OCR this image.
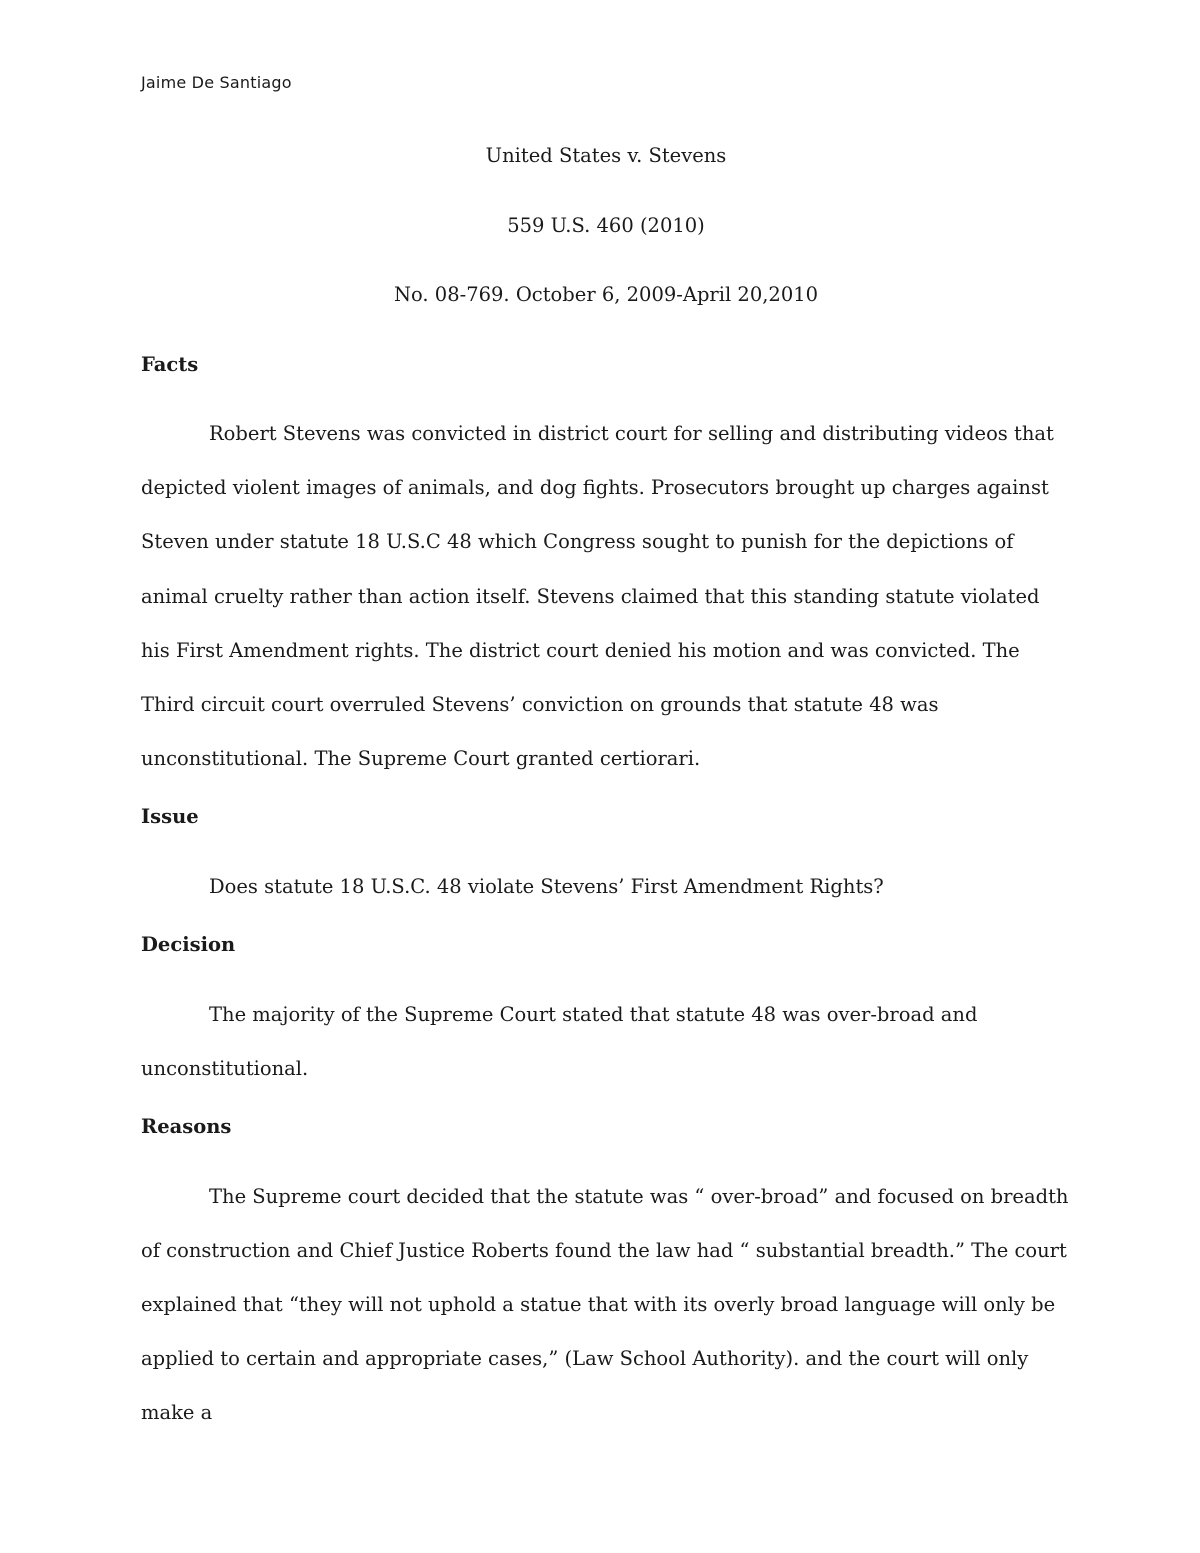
Jaime De Santiago
United States v. Stevens
559 U.S. 460 (2010)
No. 08-769. October 6, 2009-April 20,2010
Facts

Robert Stevens was convicted in district court for selling and distributing videos that depicted violent images of animals, and dog fights. Prosecutors brought up charges against Steven under statute 18 U.S.C 48 which Congress sought to punish for the depictions of animal cruelty rather than action itself. Stevens claimed that this standing statute violated his First Amendment rights. The district court denied his motion and was convicted. The Third circuit court overruled Stevens’ conviction on grounds that statute 48 was unconstitutional. The Supreme Court granted certiorari.

Issue

Does statute 18 U.S.C. 48 violate Stevens’ First Amendment Rights?

Decision

The majority of the Supreme Court stated that statute 48 was over-broad and unconstitutional.

Reasons

The Supreme court decided that the statute was “ over-broad” and focused on breadth of construction and Chief Justice Roberts found the law had “ substantial breadth.” The court explained that “they will not uphold a statue that with its overly broad language will only be applied to certain and appropriate cases,” (Law School Authority). and the court will only make a
